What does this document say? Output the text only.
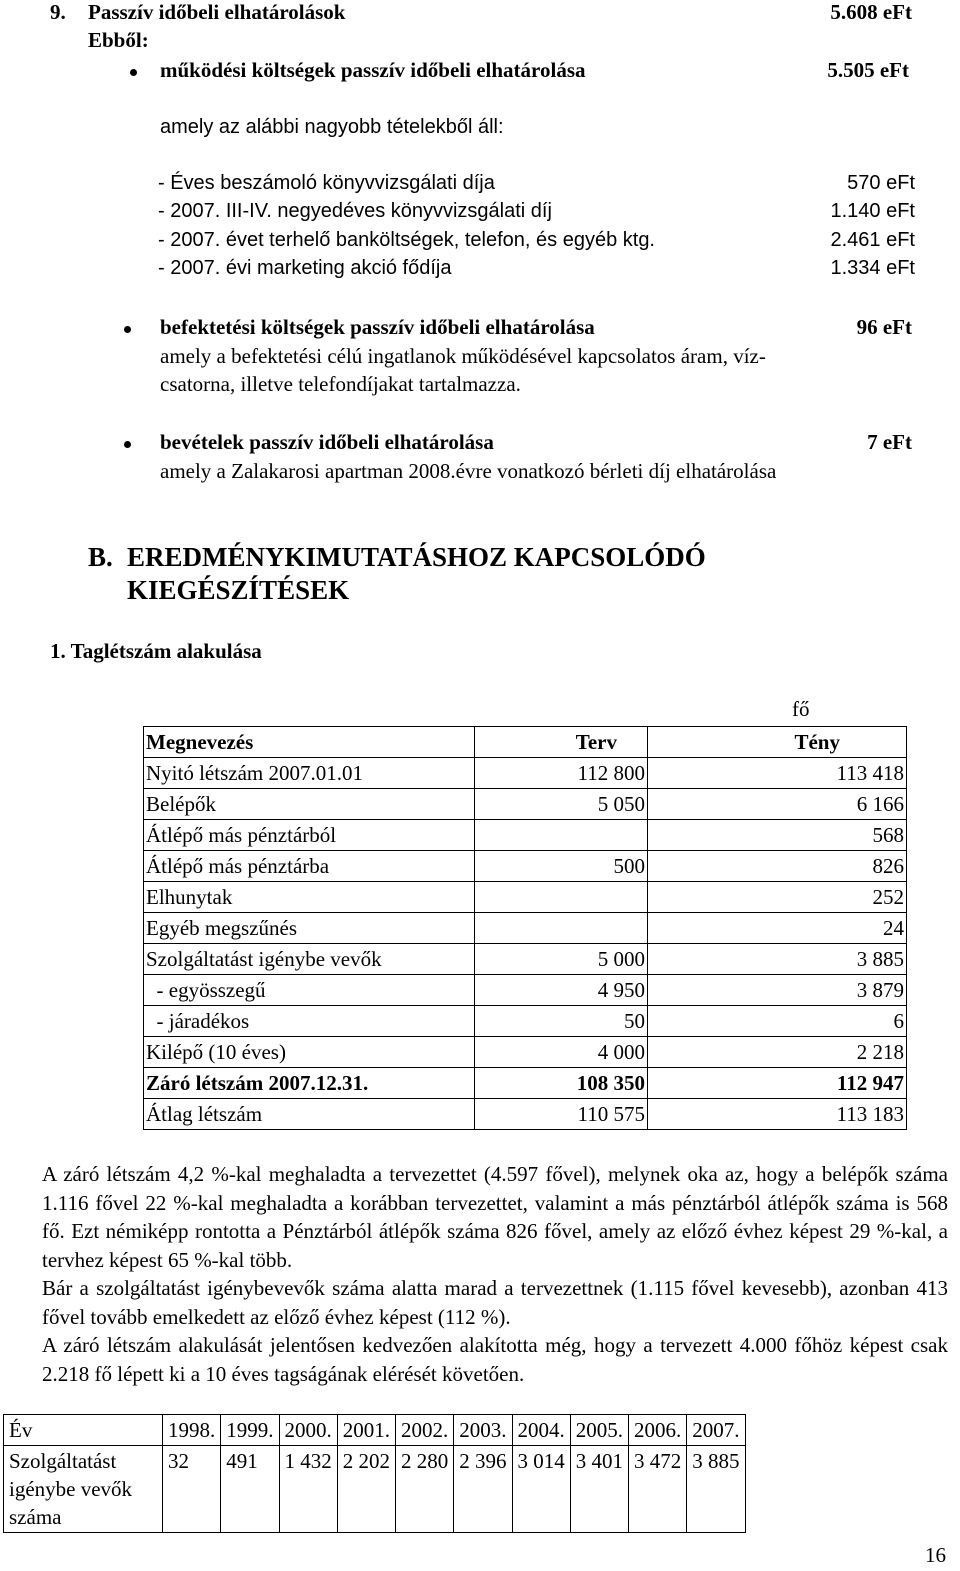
9. Passzív időbeli elhatárolások	5.608 eFt
Ebből:
működési költségek passzív időbeli elhatárolása	5.505 eFt
amely az alábbi nagyobb tételekből áll:
- Éves beszámoló könyvvizsgálati díja	570 eFt
- 2007. III-IV. negyedéves könyvvizsgálati díj	1.140 eFt
- 2007. évet terhelő banköltségek, telefon, és egyéb ktg.	2.461 eFt
- 2007. évi marketing akció fődíja	1.334 eFt
befektetési költségek passzív időbeli elhatárolása	96 eFt
amely a befektetési célú ingatlanok működésével kapcsolatos áram, víz-
csatorna, illetve telefondíjakat tartalmazza.
bevételek passzív időbeli elhatárolása	7 eFt
amely a Zalakarosi apartman 2008.évre vonatkozó bérleti díj elhatárolása
B. EREDMÉNYKIMUTATÁSHOZ KAPCSOLÓDÓ
KIEGÉSZÍTÉSEK
1. Taglétszám alakulása
fő
Megnevezés	Terv	Tény
Nyitó létszám 2007.01.01	112 800	113 418
Belépők	5 050	6 166
Átlépő más pénztárból		568
Átlépő más pénztárba	500	826
Elhunytak		252
Egyéb megszűnés		24
Szolgáltatást igénybe vevők	5 000	3 885
- egyösszegű	4 950	3 879
- járadékos	50	6
Kilépő (10 éves)	4 000	2 218
Záró létszám 2007.12.31.	108 350	112 947
Átlag létszám	110 575	113 183
A záró létszám 4,2 %-kal meghaladta a tervezettet (4.597 fővel), melynek oka az, hogy a belépők száma 1.116 fővel 22 %-kal meghaladta a korábban tervezettet, valamint a más pénztárból átlépők száma is 568 fő. Ezt némiképp rontotta a Pénztárból átlépők száma 826 fővel, amely az előző évhez képest 29 %-kal, a tervhez képest 65 %-kal több.
Bár a szolgáltatást igénybevevők száma alatta marad a tervezettnek (1.115 fővel kevesebb), azonban 413 fővel tovább emelkedett az előző évhez képest (112 %).
A záró létszám alakulását jelentősen kedvezően alakította még, hogy a tervezett 4.000 főhöz képest csak 2.218 fő lépett ki a 10 éves tagságának elérését követően.
Év	1998.	1999.	2000.	2001.	2002.	2003.	2004.	2005.	2006.	2007.
Szolgáltatást igénybe vevők száma	32	491	1 432	2 202	2 280	2 396	3 014	3 401	3 472	3 885
16
